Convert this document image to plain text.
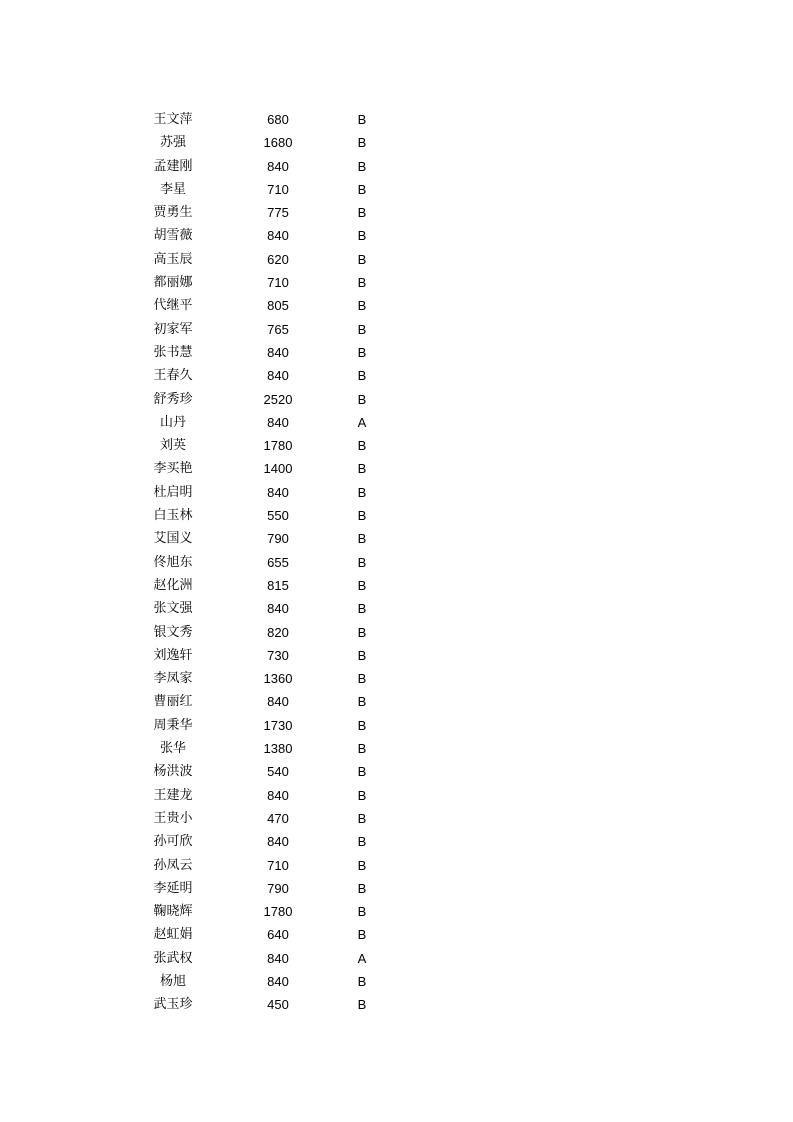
王文萍	680	B
苏强	1680	B
孟建刚	840	B
李星	710	B
贾勇生	775	B
胡雪薇	840	B
高玉辰	620	B
都丽娜	710	B
代继平	805	B
初家军	765	B
张书慧	840	B
王春久	840	B
舒秀珍	2520	B
山丹	840	A
刘英	1780	B
李买艳	1400	B
杜启明	840	B
白玉林	550	B
艾国义	790	B
佟旭东	655	B
赵化洲	815	B
张文强	840	B
银文秀	820	B
刘逸轩	730	B
李凤家	1360	B
曹丽红	840	B
周秉华	1730	B
张华	1380	B
杨洪波	540	B
王建龙	840	B
王贵小	470	B
孙可欣	840	B
孙凤云	710	B
李延明	790	B
鞠晓辉	1780	B
赵虹娟	640	B
张武权	840	A
杨旭	840	B
武玉珍	450	B
